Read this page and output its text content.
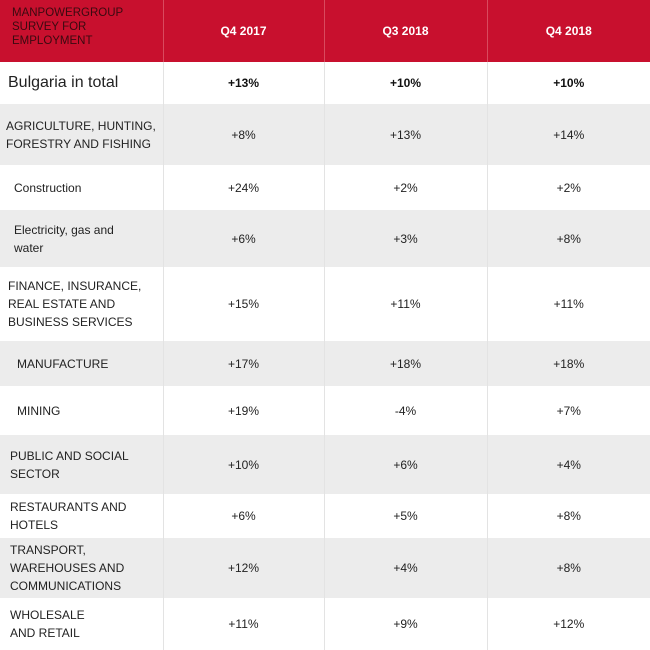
MANPOWERGROUP SURVEY FOR EMPLOYMENT	Q4 2017	Q3 2018	Q4 2018
Bulgaria in total	+13%	+10%	+10%
AGRICULTURE, HUNTING, FORESTRY AND FISHING	+8%	+13%	+14%
Construction	+24%	+2%	+2%
Electricity, gas and water	+6%	+3%	+8%
FINANCE, INSURANCE, REAL ESTATE AND BUSINESS SERVICES	+15%	+11%	+11%
MANUFACTURE	+17%	+18%	+18%
MINING	+19%	-4%	+7%
PUBLIC AND SOCIAL SECTOR	+10%	+6%	+4%
RESTAURANTS AND HOTELS	+6%	+5%	+8%
TRANSPORT, WAREHOUSES AND COMMUNICATIONS	+12%	+4%	+8%
WHOLESALE AND RETAIL	+11%	+9%	+12%
